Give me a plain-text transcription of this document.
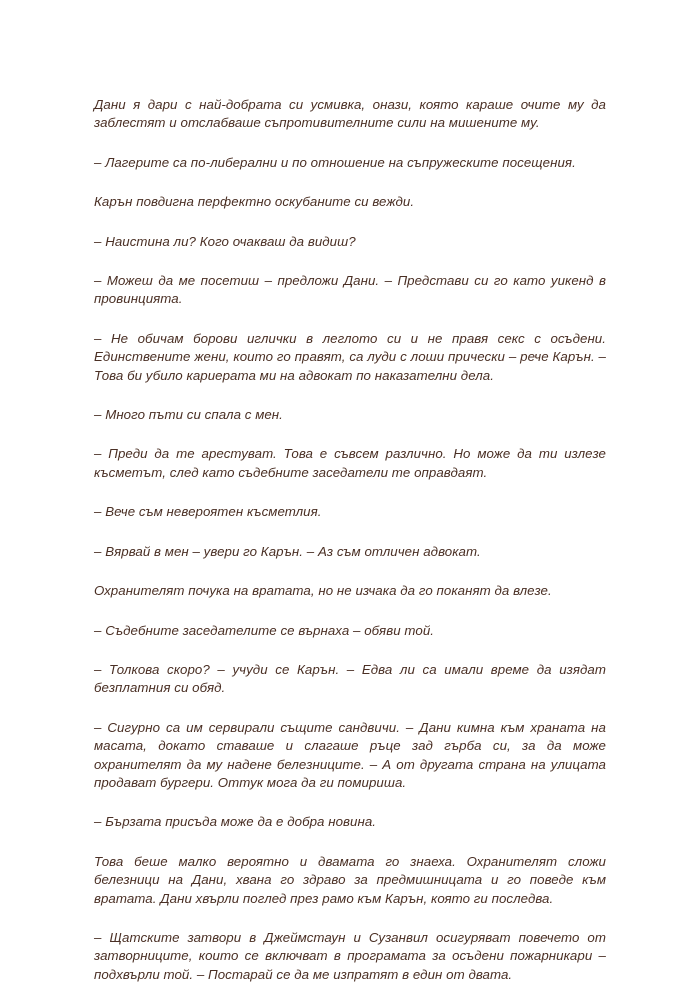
Дани я дари с най-добрата си усмивка, онази, която караше очите му да заблестят и отслабваше съпротивителните сили на мишените му.

– Лагерите са по-либерални и по отношение на съпружеските посещения.

Карън повдигна перфектно оскубаните си вежди.

– Наистина ли? Кого очакваш да видиш?

– Можеш да ме посетиш – предложи Дани. – Представи си го като уикенд в провинцията.

– Не обичам борови иглички в леглото си и не правя секс с осъдени. Единствените жени, които го правят, са луди с лоши прически – рече Карън. – Това би убило кариерата ми на адвокат по наказателни дела.

– Много пъти си спала с мен.

– Преди да те арестуват. Това е съвсем различно. Но може да ти излезе късметът, след като съдебните заседатели те оправдаят.

– Вече съм невероятен късметлия.

– Вярвай в мен – увери го Карън. – Аз съм отличен адвокат.

Охранителят почука на вратата, но не изчака да го поканят да влезе.

– Съдебните заседателите се върнаха – обяви той.

– Толкова скоро? – учуди се Карън. – Едва ли са имали време да изядат безплатния си обяд.

– Сигурно са им сервирали същите сандвичи. – Дани кимна към храната на масата, докато ставаше и слагаше ръце зад гърба си, за да може охранителят да му надене белезниците. – А от другата страна на улицата продават бургери. Оттук мога да ги помириша.

– Бързата присъда може да е добра новина.

Това беше малко вероятно и двамата го знаеха. Охранителят сложи белезници на Дани, хвана го здраво за предмишницата и го поведе към вратата. Дани хвърли поглед през рамо към Карън, която ги последва.

– Щатските затвори в Джеймстаун и Сузанвил осигуряват повечето от затворниците, които се включват в програмата за осъдени пожарникари – подхвърли той. – Постарай се да ме изпратят в един от двата.
